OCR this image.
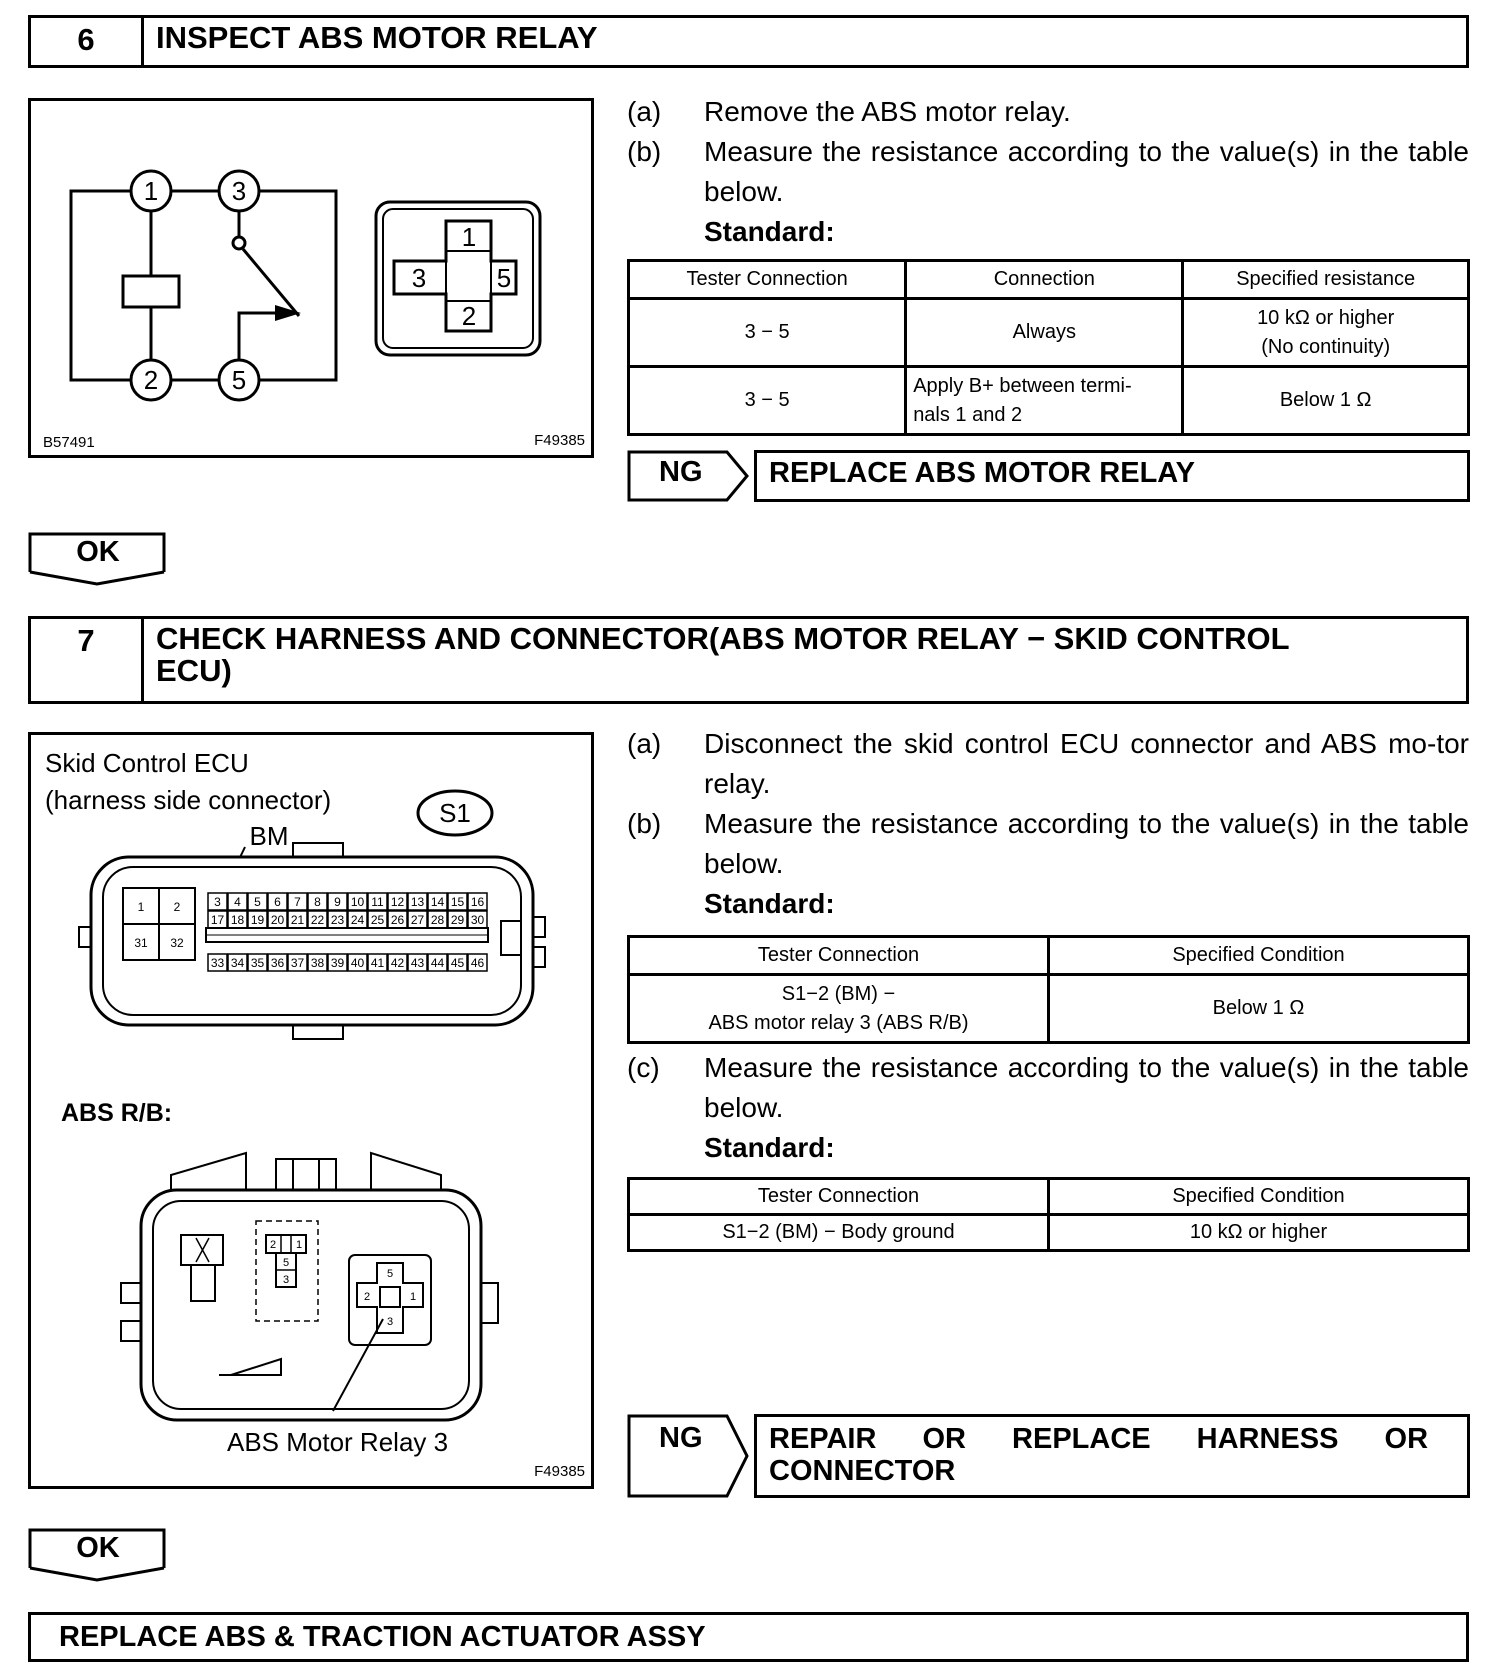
6	INSPECT ABS MOTOR RELAY
1	3
2	5
1
3	5
2
B57491	F49385
(a)	Remove the ABS motor relay.
(b)	Measure the resistance according to the value(s) in the table below.
Standard:
Tester Connection	Connection	Specified resistance
3 − 5	Always	10 kΩ or higher
(No continuity)

3 − 5	Apply B+ between termi-
nals 1 and 2	Below 1 Ω
NG	REPLACE ABS MOTOR RELAY
OK
7	CHECK HARNESS AND CONNECTOR(ABS MOTOR RELAY − SKID CONTROL
ECU)
Skid Control ECU
(harness side connector)	S1
BM
1 2
31 32
3 4 5 6 7 8 9 10 11 12 13 14 15 16
17 18 19 20 21 22 23 24 25 26 27 28 29 30
33 34 35 36 37 38 39 40 41 42 43 44 45 46
ABS R/B:
2 1
5
3	5
2	1
3
ABS Motor Relay 3
F49385
(a)	Disconnect the skid control ECU connector and ABS mo-tor relay.
(b)	Measure the resistance according to the value(s) in the table below.
Standard:
Tester Connection	Specified Condition

S1−2 (BM) −
ABS motor relay 3 (ABS R/B)	Below 1 Ω
(c)	Measure the resistance according to the value(s) in the table below.
Standard:
Tester Connection	Specified Condition
S1−2 (BM) − Body ground	10 kΩ or higher
NG REPAIR OR REPLACE HARNESS OR
CONNECTOR
OK
REPLACE ABS & TRACTION ACTUATOR ASSY
